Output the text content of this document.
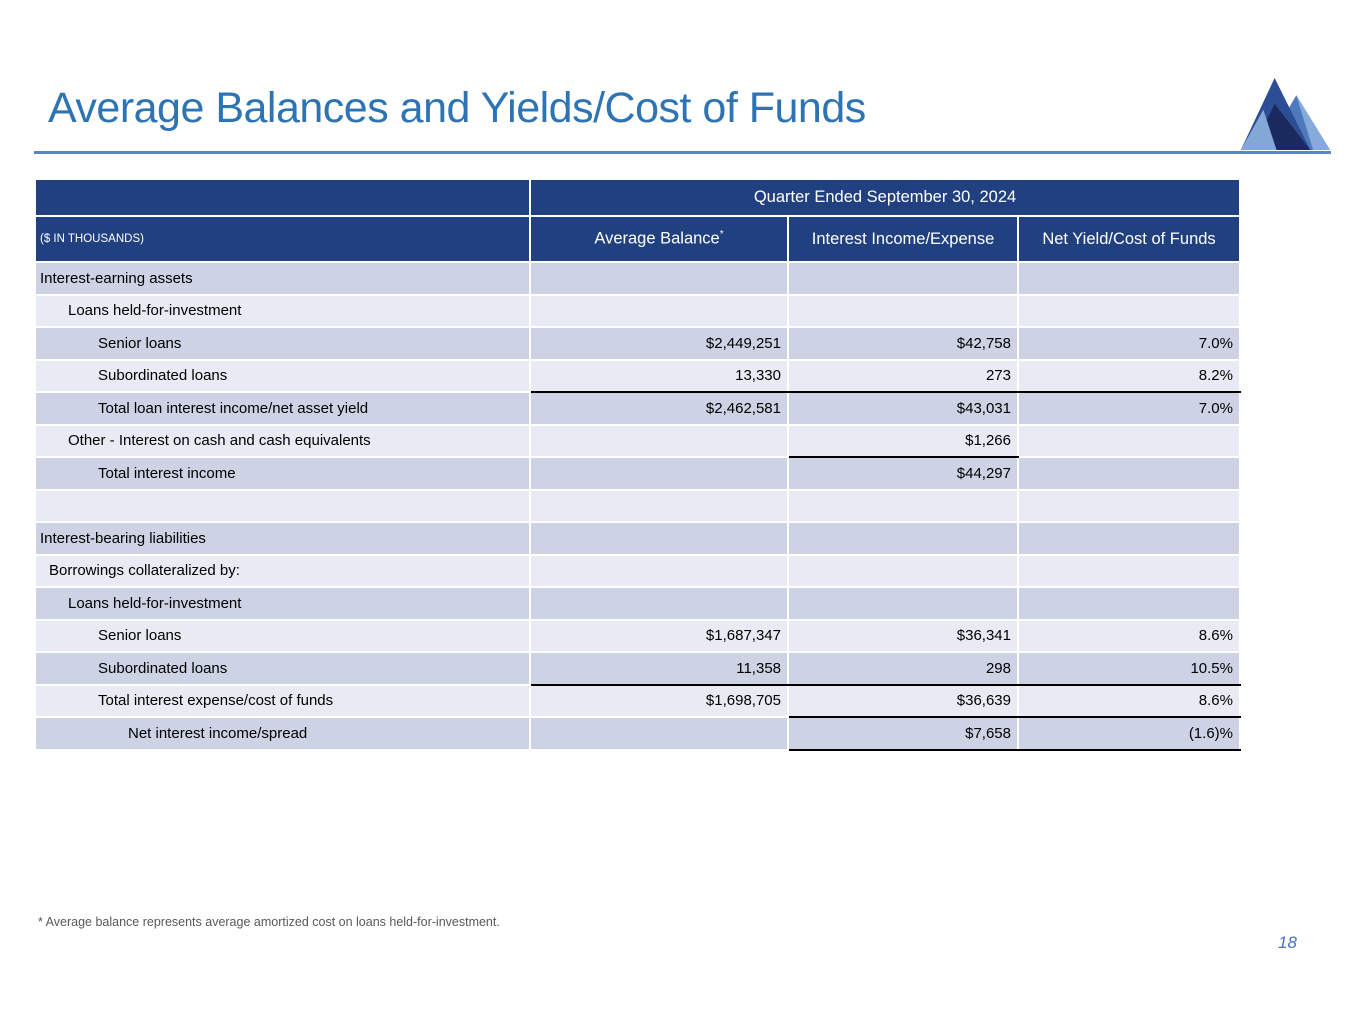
Average Balances and Yields/Cost of Funds
	Quarter Ended September 30, 2024		
($ IN THOUSANDS)	Average Balance*	Interest Income/Expense	Net Yield/Cost of Funds
Interest-earning assets			
Loans held-for-investment			
Senior loans	$2,449,251	$42,758	7.0%
Subordinated loans	13,330	273	8.2%
Total loan interest income/net asset yield	$2,462,581	$43,031	7.0%
Other - Interest on cash and cash equivalents		$1,266	
Total interest income		$44,297	

Interest-bearing liabilities			
Borrowings collateralized by:			
Loans held-for-investment			
Senior loans	$1,687,347	$36,341	8.6%
Subordinated loans	11,358	298	10.5%
Total interest expense/cost of funds	$1,698,705	$36,639	8.6%
Net interest income/spread		$7,658	(1.6)%
* Average balance represents average amortized cost on loans held-for-investment.
18
